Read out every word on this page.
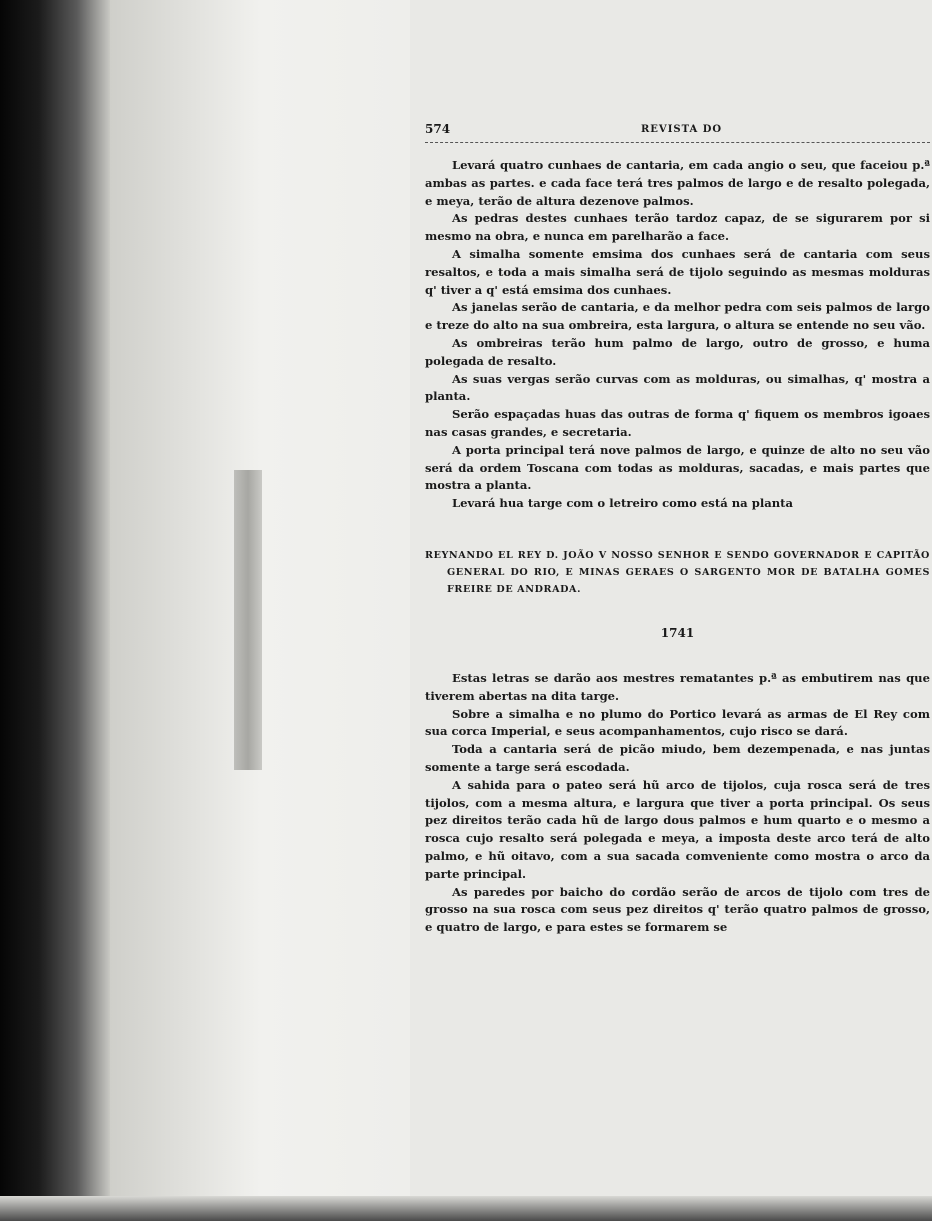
574	REVISTA DO

Levará quatro cunhaes de cantaria, em cada angio o seu, que faceiou p.ª ambas as partes. e cada face terá tres palmos de largo e de resalto polegada, e meya, terão de altura dezenove palmos.

As pedras destes cunhaes terão tardoz capaz, de se sigurarem por si mesmo na obra, e nunca em parelharão a face.

A simalha somente emsima dos cunhaes será de cantaria com seus resaltos, e toda a mais simalha será de tijolo seguindo as mesmas molduras q' tiver a q' está emsima dos cunhaes.

As janelas serão de cantaria, e da melhor pedra com seis palmos de largo e treze do alto na sua ombreira, esta largura, o altura se entende no seu vão.

As ombreiras terão hum palmo de largo, outro de grosso, e huma polegada de resalto.

As suas vergas serão curvas com as molduras, ou simalhas, q' mostra a planta.

Serão espaçadas huas das outras de forma q' fiquem os membros igoaes nas casas grandes, e secretaria.

A porta principal terá nove palmos de largo, e quinze de alto no seu vão será da ordem Toscana com todas as molduras, sacadas, e mais partes que mostra a planta.

Levará hua targe com o letreiro como está na planta

REYNANDO EL REY D. JOÃO V NOSSO SENHOR E SENDO GOVERNADOR E CAPITÃO GENERAL DO RIO, E MINAS GERAES O SARGENTO MOR DE BATALHA GOMES FREIRE DE ANDRADA.

1741

Estas letras se darão aos mestres rematantes p.ª as embutirem nas que tiverem abertas na dita targe.

Sobre a simalha e no plumo do Portico levará as armas de El Rey com sua corca Imperial, e seus acompanhamentos, cujo risco se dará.

Toda a cantaria será de picão miudo, bem dezempenada, e nas juntas somente a targe será escodada.

A sahida para o pateo será hũ arco de tijolos, cuja rosca será de tres tijolos, com a mesma altura, e largura que tiver a porta principal. Os seus pez direitos terão cada hũ de largo dous palmos e hum quarto e o mesmo a rosca cujo resalto será polegada e meya, a imposta deste arco terá de alto palmo, e hũ oitavo, com a sua sacada comveniente como mostra o arco da parte principal.

As paredes por baicho do cordão serão de arcos de tijolo com tres de grosso na sua rosca com seus pez direitos q' terão quatro palmos de grosso, e quatro de largo, e para estes se formarem se
